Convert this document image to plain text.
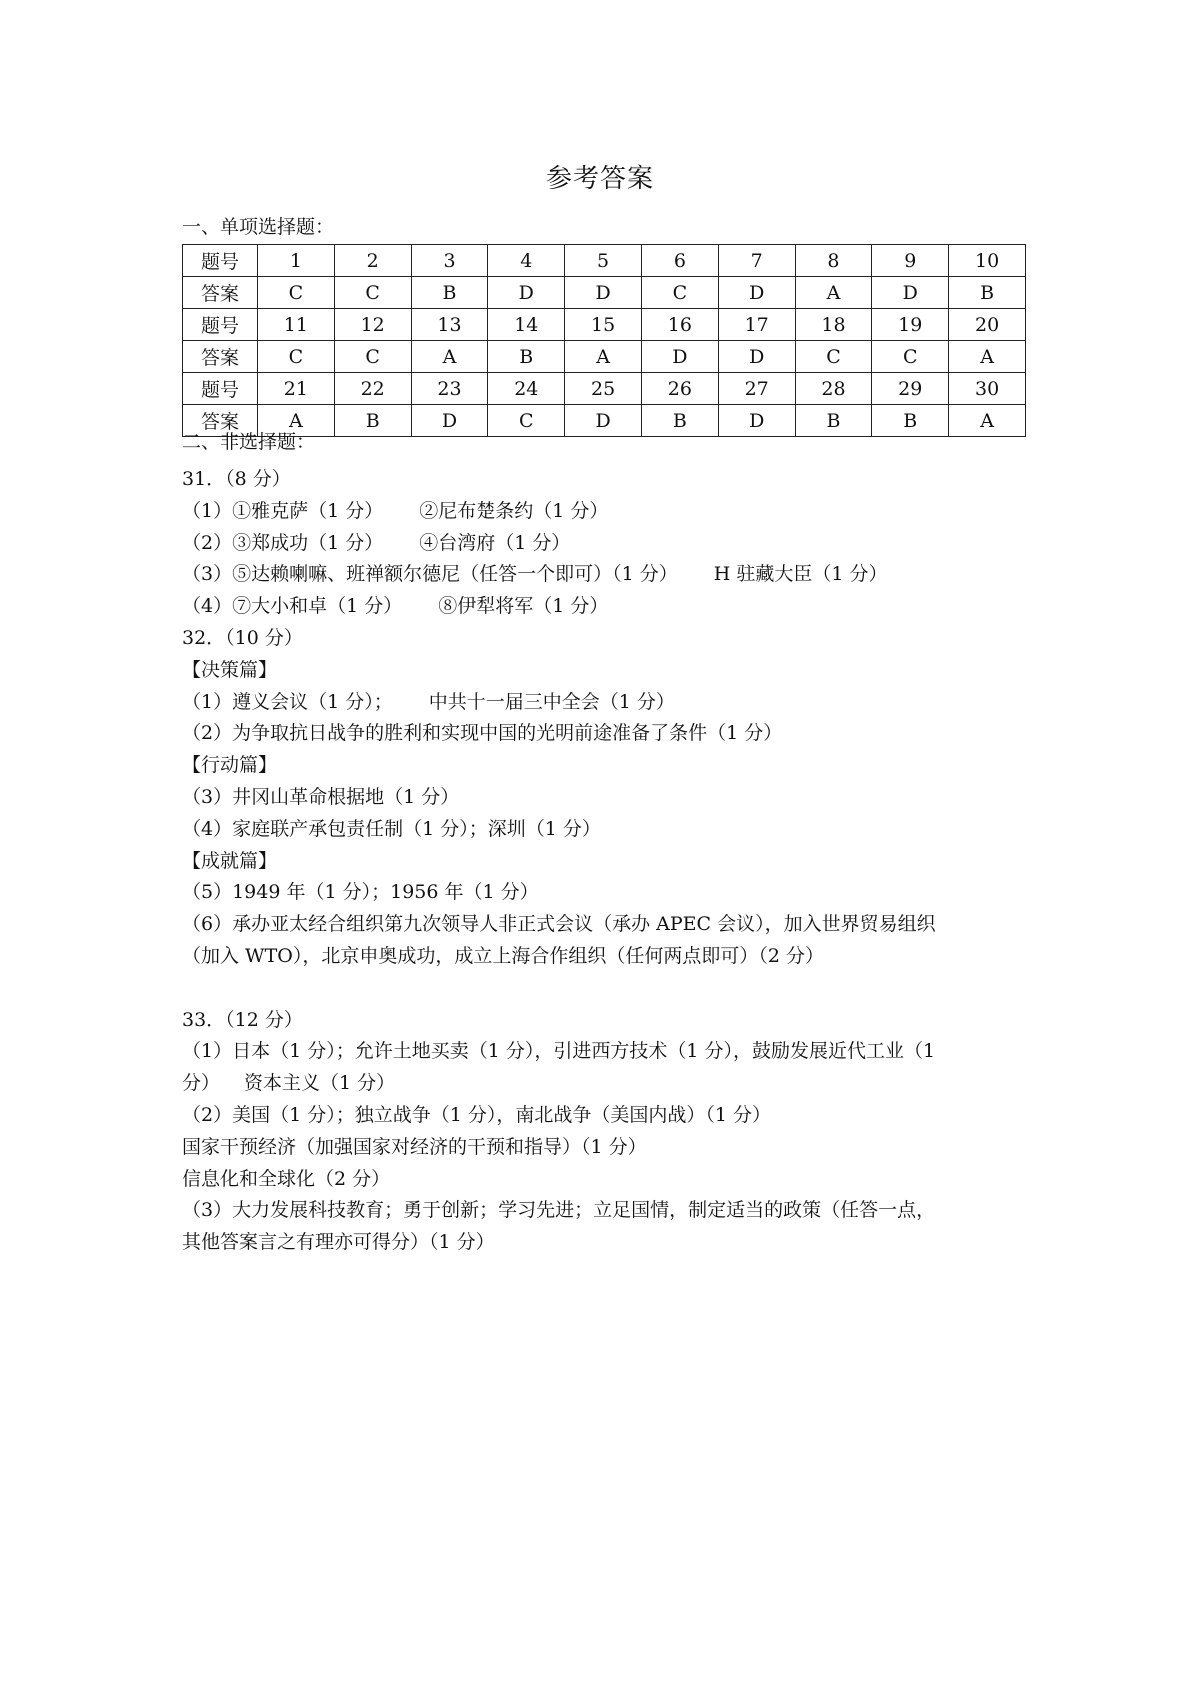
参考答案
一、单项选择题：
题号	1	2	3	4	5	6	7	8	9	10
答案	C	C	B	D	D	C	D	A	D	B
题号	11	12	13	14	15	16	17	18	19	20
答案	C	C	A	B	A	D	D	C	C	A
题号	21	22	23	24	25	26	27	28	29	30
答案	A	B	D	C	D	B	D	B	B	A
二、非选择题：
31．（8 分）
（1）①雅克萨（1 分） ②尼布楚条约（1 分）
（2）③郑成功（1 分） ④台湾府（1 分）
（3）⑤达赖喇嘛、班禅额尔德尼（任答一个即可）（1 分） H 驻藏大臣（1 分）
（4）⑦大小和卓（1 分） ⑧伊犁将军（1 分）
32．（10 分）
【决策篇】
（1）遵义会议（1 分）； 中共十一届三中全会（1 分）
（2）为争取抗日战争的胜利和实现中国的光明前途准备了条件（1 分）
【行动篇】
（3）井冈山革命根据地（1 分）
（4）家庭联产承包责任制（1 分）；深圳（1 分）
【成就篇】
（5）1949 年（1 分）；1956 年（1 分）
（6）承办亚太经合组织第九次领导人非正式会议（承办 APEC 会议），加入世界贸易组织
（加入 WTO），北京申奥成功，成立上海合作组织（任何两点即可）（2 分）
33．（12 分）
（1）日本（1 分）；允许土地买卖（1 分），引进西方技术（1 分），鼓励发展近代工业（1
分） 资本主义（1 分）
（2）美国（1 分）；独立战争（1 分），南北战争（美国内战）（1 分）
国家干预经济（加强国家对经济的干预和指导）（1 分）
信息化和全球化（2 分）
（3）大力发展科技教育；勇于创新；学习先进；立足国情，制定适当的政策（任答一点，
其他答案言之有理亦可得分）（1 分）
